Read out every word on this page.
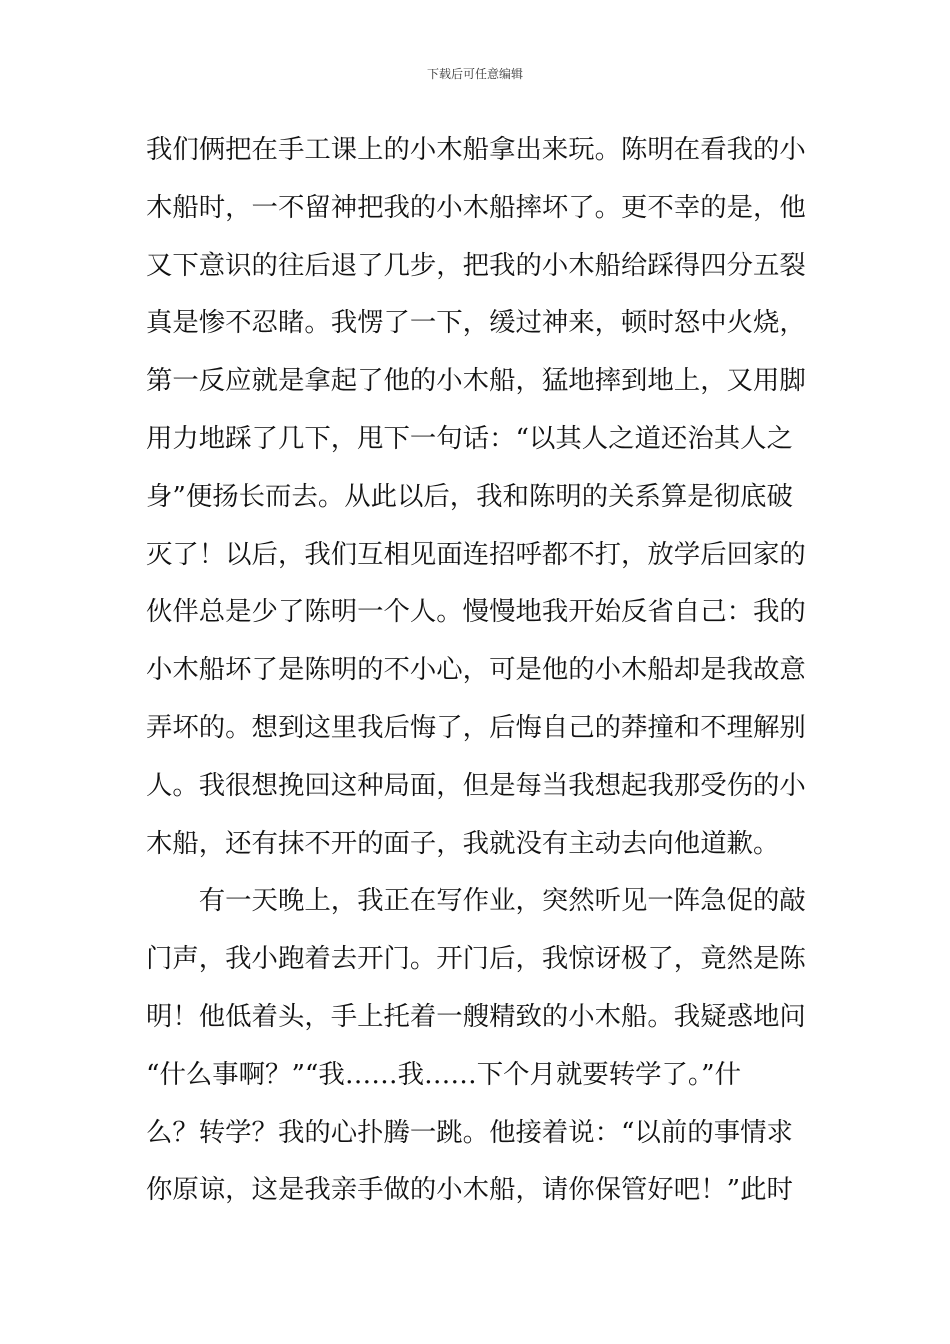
下载后可任意编辑
我们俩把在手工课上的小木船拿出来玩。陈明在看我的小
木船时，一不留神把我的小木船摔坏了。更不幸的是，他
又下意识的往后退了几步，把我的小木船给踩得四分五裂
真是惨不忍睹。我愣了一下，缓过神来，顿时怒中火烧，
第一反应就是拿起了他的小木船，猛地摔到地上，又用脚
用力地踩了几下，甩下一句话：“以其人之道还治其人之
身”便扬长而去。从此以后，我和陈明的关系算是彻底破
灭了！以后，我们互相见面连招呼都不打，放学后回家的
伙伴总是少了陈明一个人。慢慢地我开始反省自己：我的
小木船坏了是陈明的不小心，可是他的小木船却是我故意
弄坏的。想到这里我后悔了，后悔自己的莽撞和不理解别
人。我很想挽回这种局面，但是每当我想起我那受伤的小
木船，还有抹不开的面子，我就没有主动去向他道歉。
　　有一天晚上，我正在写作业，突然听见一阵急促的敲
门声，我小跑着去开门。开门后，我惊讶极了，竟然是陈
明！他低着头，手上托着一艘精致的小木船。我疑惑地问
“什么事啊？”“我……我……下个月就要转学了。”什
么？转学？我的心扑腾一跳。他接着说：“以前的事情求
你原谅，这是我亲手做的小木船，请你保管好吧！”此时
